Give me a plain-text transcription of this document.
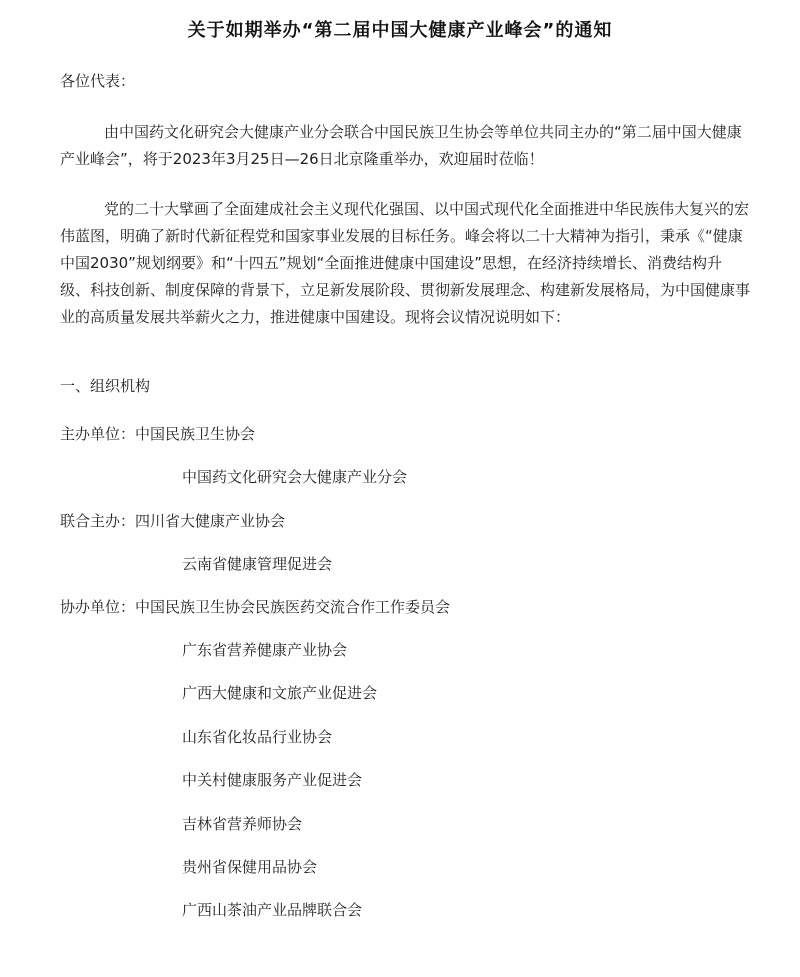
关于如期举办“第二届中国大健康产业峰会”的通知
各位代表：
由中国药文化研究会大健康产业分会联合中国民族卫生协会等单位共同主办的“第二届中国大健康产业峰会”，将于2023年3月25日—26日北京隆重举办，欢迎届时莅临！
党的二十大擘画了全面建成社会主义现代化强国、以中国式现代化全面推进中华民族伟大复兴的宏伟蓝图，明确了新时代新征程党和国家事业发展的目标任务。峰会将以二十大精神为指引，秉承《“健康中国2030”规划纲要》和“十四五”规划“全面推进健康中国建设”思想，在经济持续增长、消费结构升级、科技创新、制度保障的背景下，立足新发展阶段、贯彻新发展理念、构建新发展格局，为中国健康事业的高质量发展共举薪火之力，推进健康中国建设。现将会议情况说明如下：
一、组织机构
主办单位：中国民族卫生协会
中国药文化研究会大健康产业分会
联合主办：四川省大健康产业协会
云南省健康管理促进会
协办单位：中国民族卫生协会民族医药交流合作工作委员会
广东省营养健康产业协会
广西大健康和文旅产业促进会
山东省化妆品行业协会
中关村健康服务产业促进会
吉林省营养师协会
贵州省保健用品协会
广西山茶油产业品牌联合会
